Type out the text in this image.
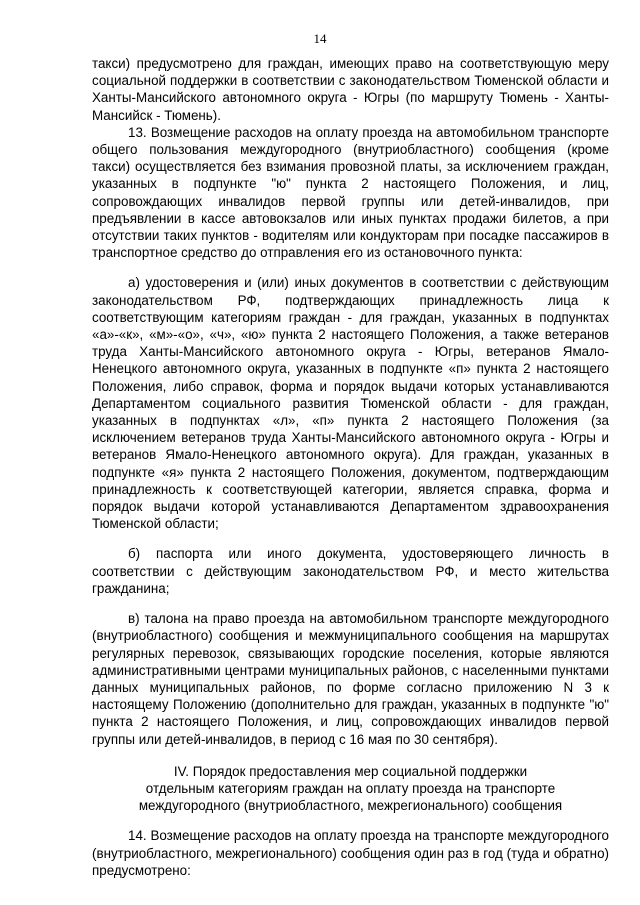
14

такси) предусмотрено для граждан, имеющих право на соответствующую меру социальной поддержки в соответствии с законодательством Тюменской области и Ханты-Мансийского автономного округа - Югры (по маршруту Тюмень - Ханты-Мансийск - Тюмень).

13. Возмещение расходов на оплату проезда на автомобильном транспорте общего пользования междугородного (внутриобластного) сообщения (кроме такси) осуществляется без взимания провозной платы, за исключением граждан, указанных в подпункте "ю" пункта 2 настоящего Положения, и лиц, сопровождающих инвалидов первой группы или детей-инвалидов, при предъявлении в кассе автовокзалов или иных пунктах продажи билетов, а при отсутствии таких пунктов - водителям или кондукторам при посадке пассажиров в транспортное средство до отправления его из остановочного пункта:

а) удостоверения и (или) иных документов в соответствии с действующим законодательством РФ, подтверждающих принадлежность лица к соответствующим категориям граждан - для граждан, указанных в подпунктах «а»-«к», «м»-«о», «ч», «ю» пункта 2 настоящего Положения, а также ветеранов труда Ханты-Мансийского автономного округа - Югры, ветеранов Ямало-Ненецкого автономного округа, указанных в подпункте «п» пункта 2 настоящего Положения, либо справок, форма и порядок выдачи которых устанавливаются Департаментом социального развития Тюменской области - для граждан, указанных в подпунктах «л», «п» пункта 2 настоящего Положения (за исключением ветеранов труда Ханты-Мансийского автономного округа - Югры и ветеранов Ямало-Ненецкого автономного округа). Для граждан, указанных в подпункте «я» пункта 2 настоящего Положения, документом, подтверждающим принадлежность к соответствующей категории, является справка, форма и порядок выдачи которой устанавливаются Департаментом здравоохранения Тюменской области;

б) паспорта или иного документа, удостоверяющего личность в соответствии с действующим законодательством РФ, и место жительства гражданина;

в) талона на право проезда на автомобильном транспорте междугородного (внутриобластного) сообщения и межмуниципального сообщения на маршрутах регулярных перевозок, связывающих городские поселения, которые являются административными центрами муниципальных районов, с населенными пунктами данных муниципальных районов, по форме согласно приложению N 3 к настоящему Положению (дополнительно для граждан, указанных в подпункте "ю" пункта 2 настоящего Положения, и лиц, сопровождающих инвалидов первой группы или детей-инвалидов, в период с 16 мая по 30 сентября).

IV. Порядок предоставления мер социальной поддержки
отдельным категориям граждан на оплату проезда на транспорте
междугородного (внутриобластного, межрегионального) сообщения

14. Возмещение расходов на оплату проезда на транспорте междугородного (внутриобластного, межрегионального) сообщения один раз в год (туда и обратно) предусмотрено:
